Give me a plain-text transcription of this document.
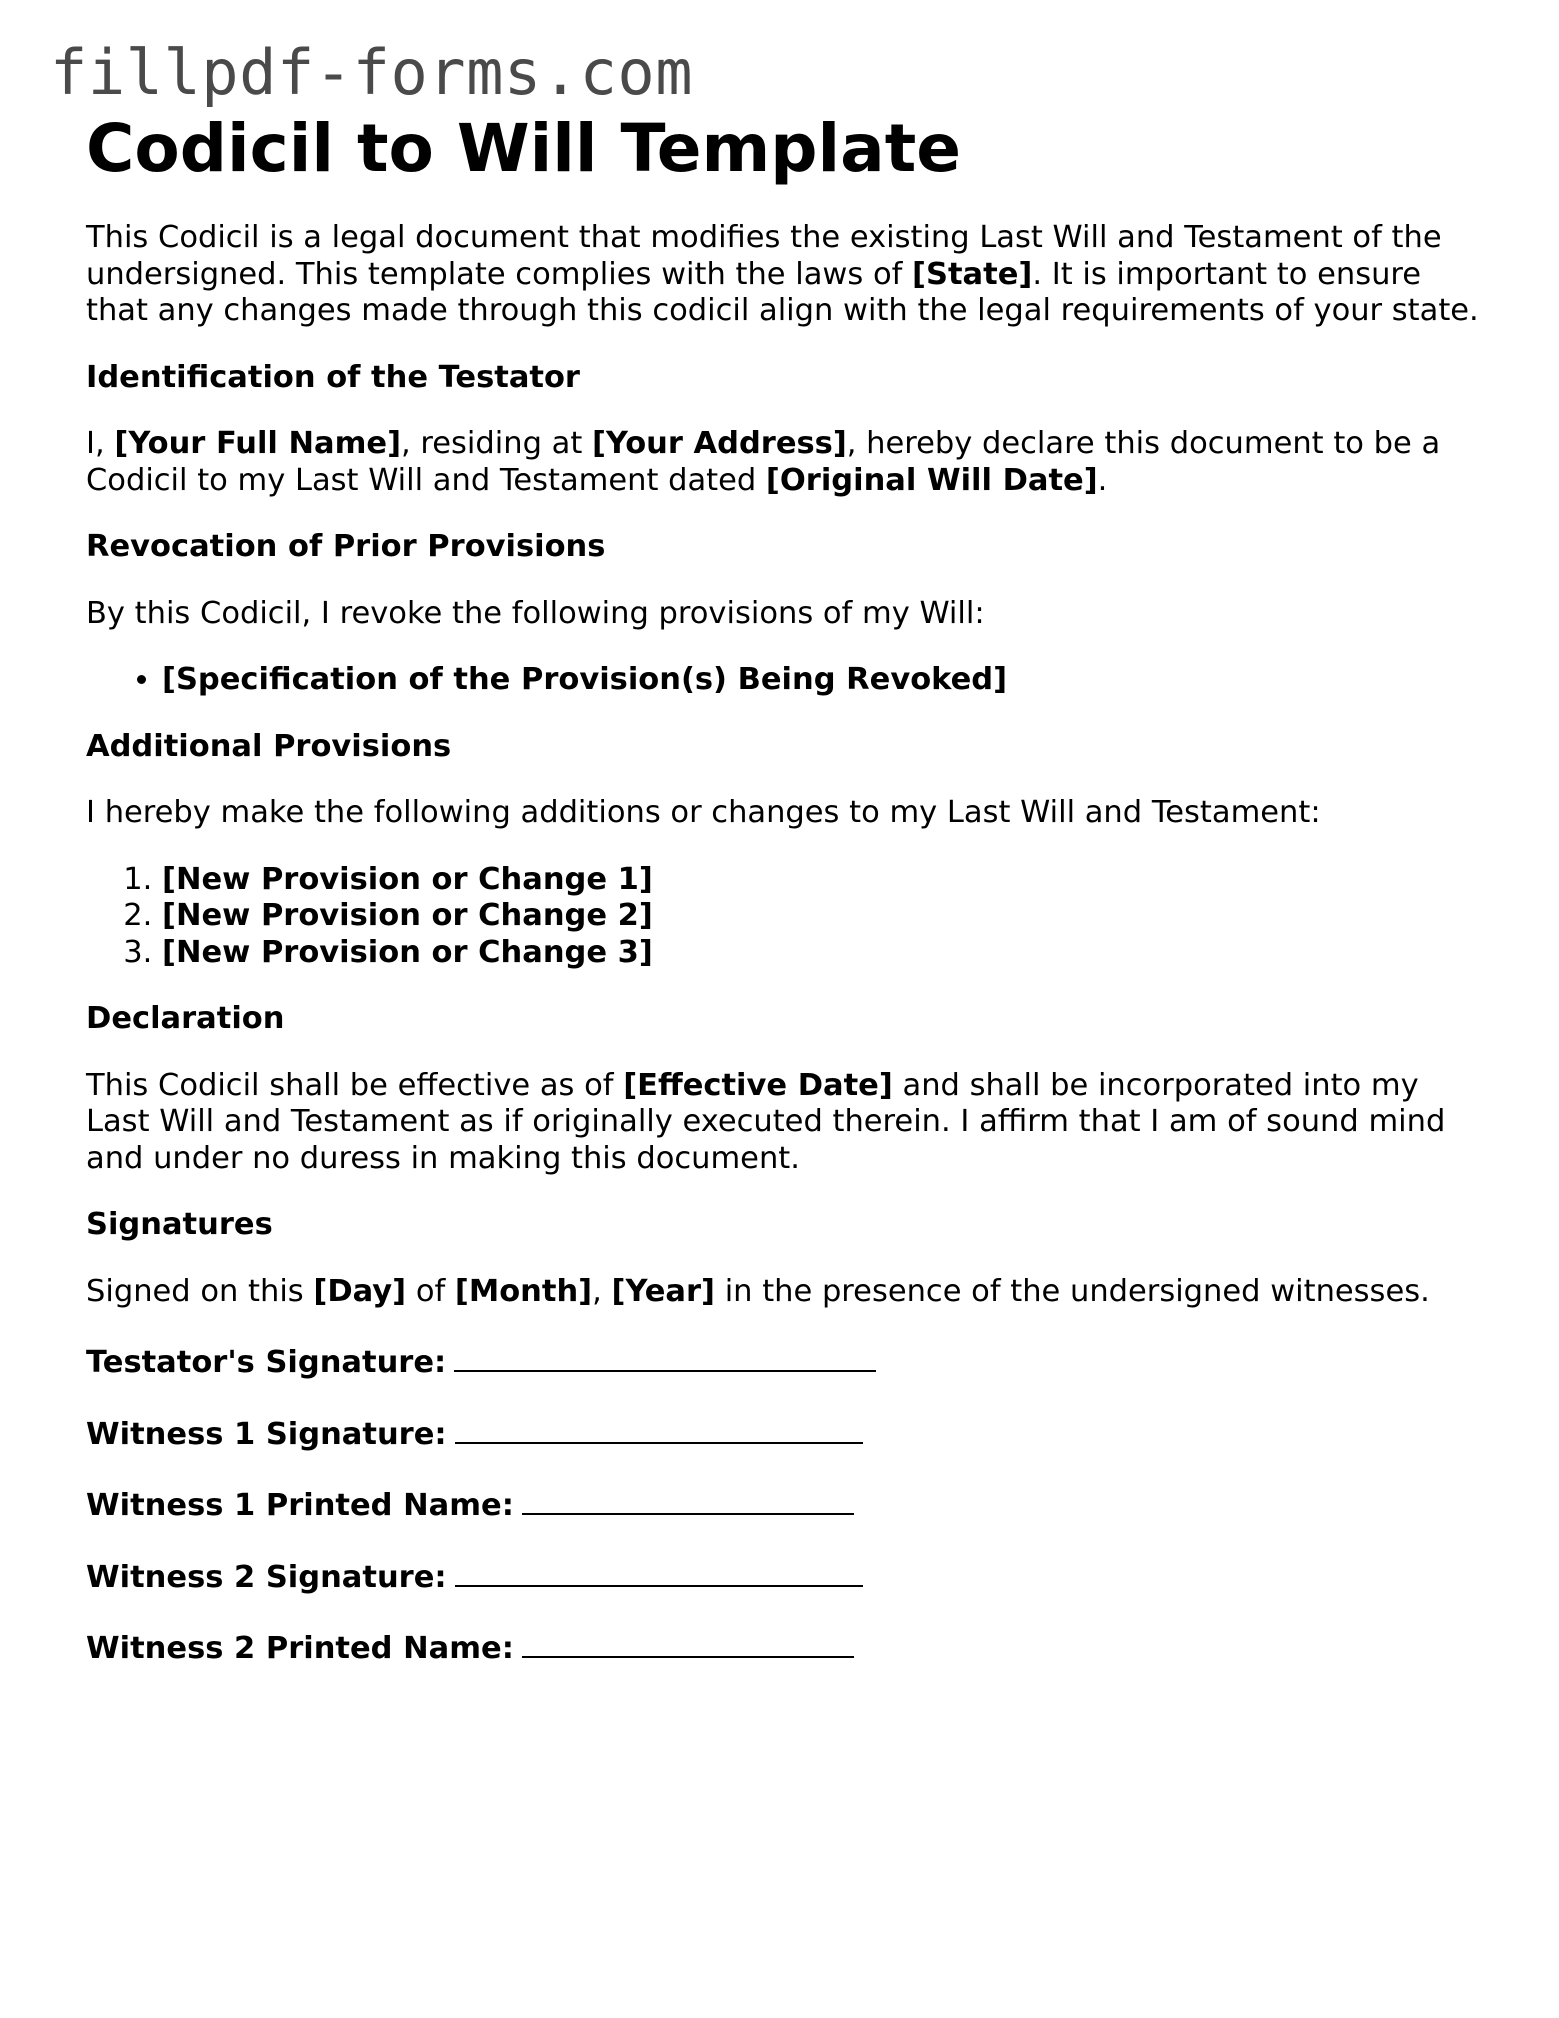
fillpdf-forms.com
Codicil to Will Template

This Codicil is a legal document that modifies the existing Last Will and Testament of the undersigned. This template complies with the laws of [State]. It is important to ensure that any changes made through this codicil align with the legal requirements of your state.

Identification of the Testator

I, [Your Full Name], residing at [Your Address], hereby declare this document to be a Codicil to my Last Will and Testament dated [Original Will Date].

Revocation of Prior Provisions

By this Codicil, I revoke the following provisions of my Will:

• [Specification of the Provision(s) Being Revoked]
Additional Provisions

I hereby make the following additions or changes to my Last Will and Testament:

1. [New Provision or Change 1]
2. [New Provision or Change 2]
3. [New Provision or Change 3]
Declaration

This Codicil shall be effective as of [Effective Date] and shall be incorporated into my Last Will and Testament as if originally executed therein. I affirm that I am of sound mind and under no duress in making this document.

Signatures

Signed on this [Day] of [Month], [Year] in the presence of the undersigned witnesses.

Testator's Signature:
Witness 1 Signature:
Witness 1 Printed Name:
Witness 2 Signature:
Witness 2 Printed Name:
